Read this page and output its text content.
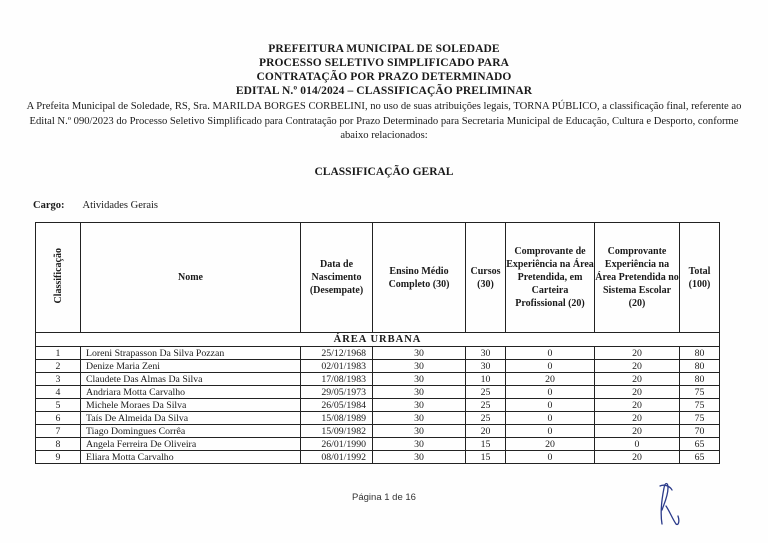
PREFEITURA MUNICIPAL DE SOLEDADE
PROCESSO SELETIVO SIMPLIFICADO PARA
CONTRATAÇÃO POR PRAZO DETERMINADO
EDITAL N.º 014/2024 – CLASSIFICAÇÃO PRELIMINAR
A Prefeita Municipal de Soledade, RS, Sra. MARILDA BORGES CORBELINI, no uso de suas atribuições legais, TORNA PÚBLICO, a classificação final, referente ao Edital N.º 090/2023 do Processo Seletivo Simplificado para Contratação por Prazo Determinado para Secretaria Municipal de Educação, Cultura e Desporto, conforme abaixo relacionados:
CLASSIFICAÇÃO GERAL
Cargo: Atividades Gerais
Classificação	Nome	Data de Nascimento (Desempate)	Ensino Médio Completo (30)	Cursos (30)	Comprovante de Experiência na Área Pretendida, em Carteira Profissional (20)	Comprovante Experiência na Área Pretendida no Sistema Escolar (20)	Total (100)
ÁREA URBANA							
1	Loreni Strapasson Da Silva Pozzan	25/12/1968	30	30	0	20	80
2	Denize Maria Zeni	02/01/1983	30	30	0	20	80
3	Claudete Das Almas Da Silva	17/08/1983	30	10	20	20	80
4	Andriara Motta Carvalho	29/05/1973	30	25	0	20	75
5	Michele Moraes Da Silva	26/05/1984	30	25	0	20	75
6	Taís De Almeida Da Silva	15/08/1989	30	25	0	20	75
7	Tiago Domingues Corrêa	15/09/1982	30	20	0	20	70
8	Angela Ferreira De Oliveira	26/01/1990	30	15	20	0	65
9	Eliara Motta Carvalho	08/01/1992	30	15	0	20	65
Página 1 de 16
